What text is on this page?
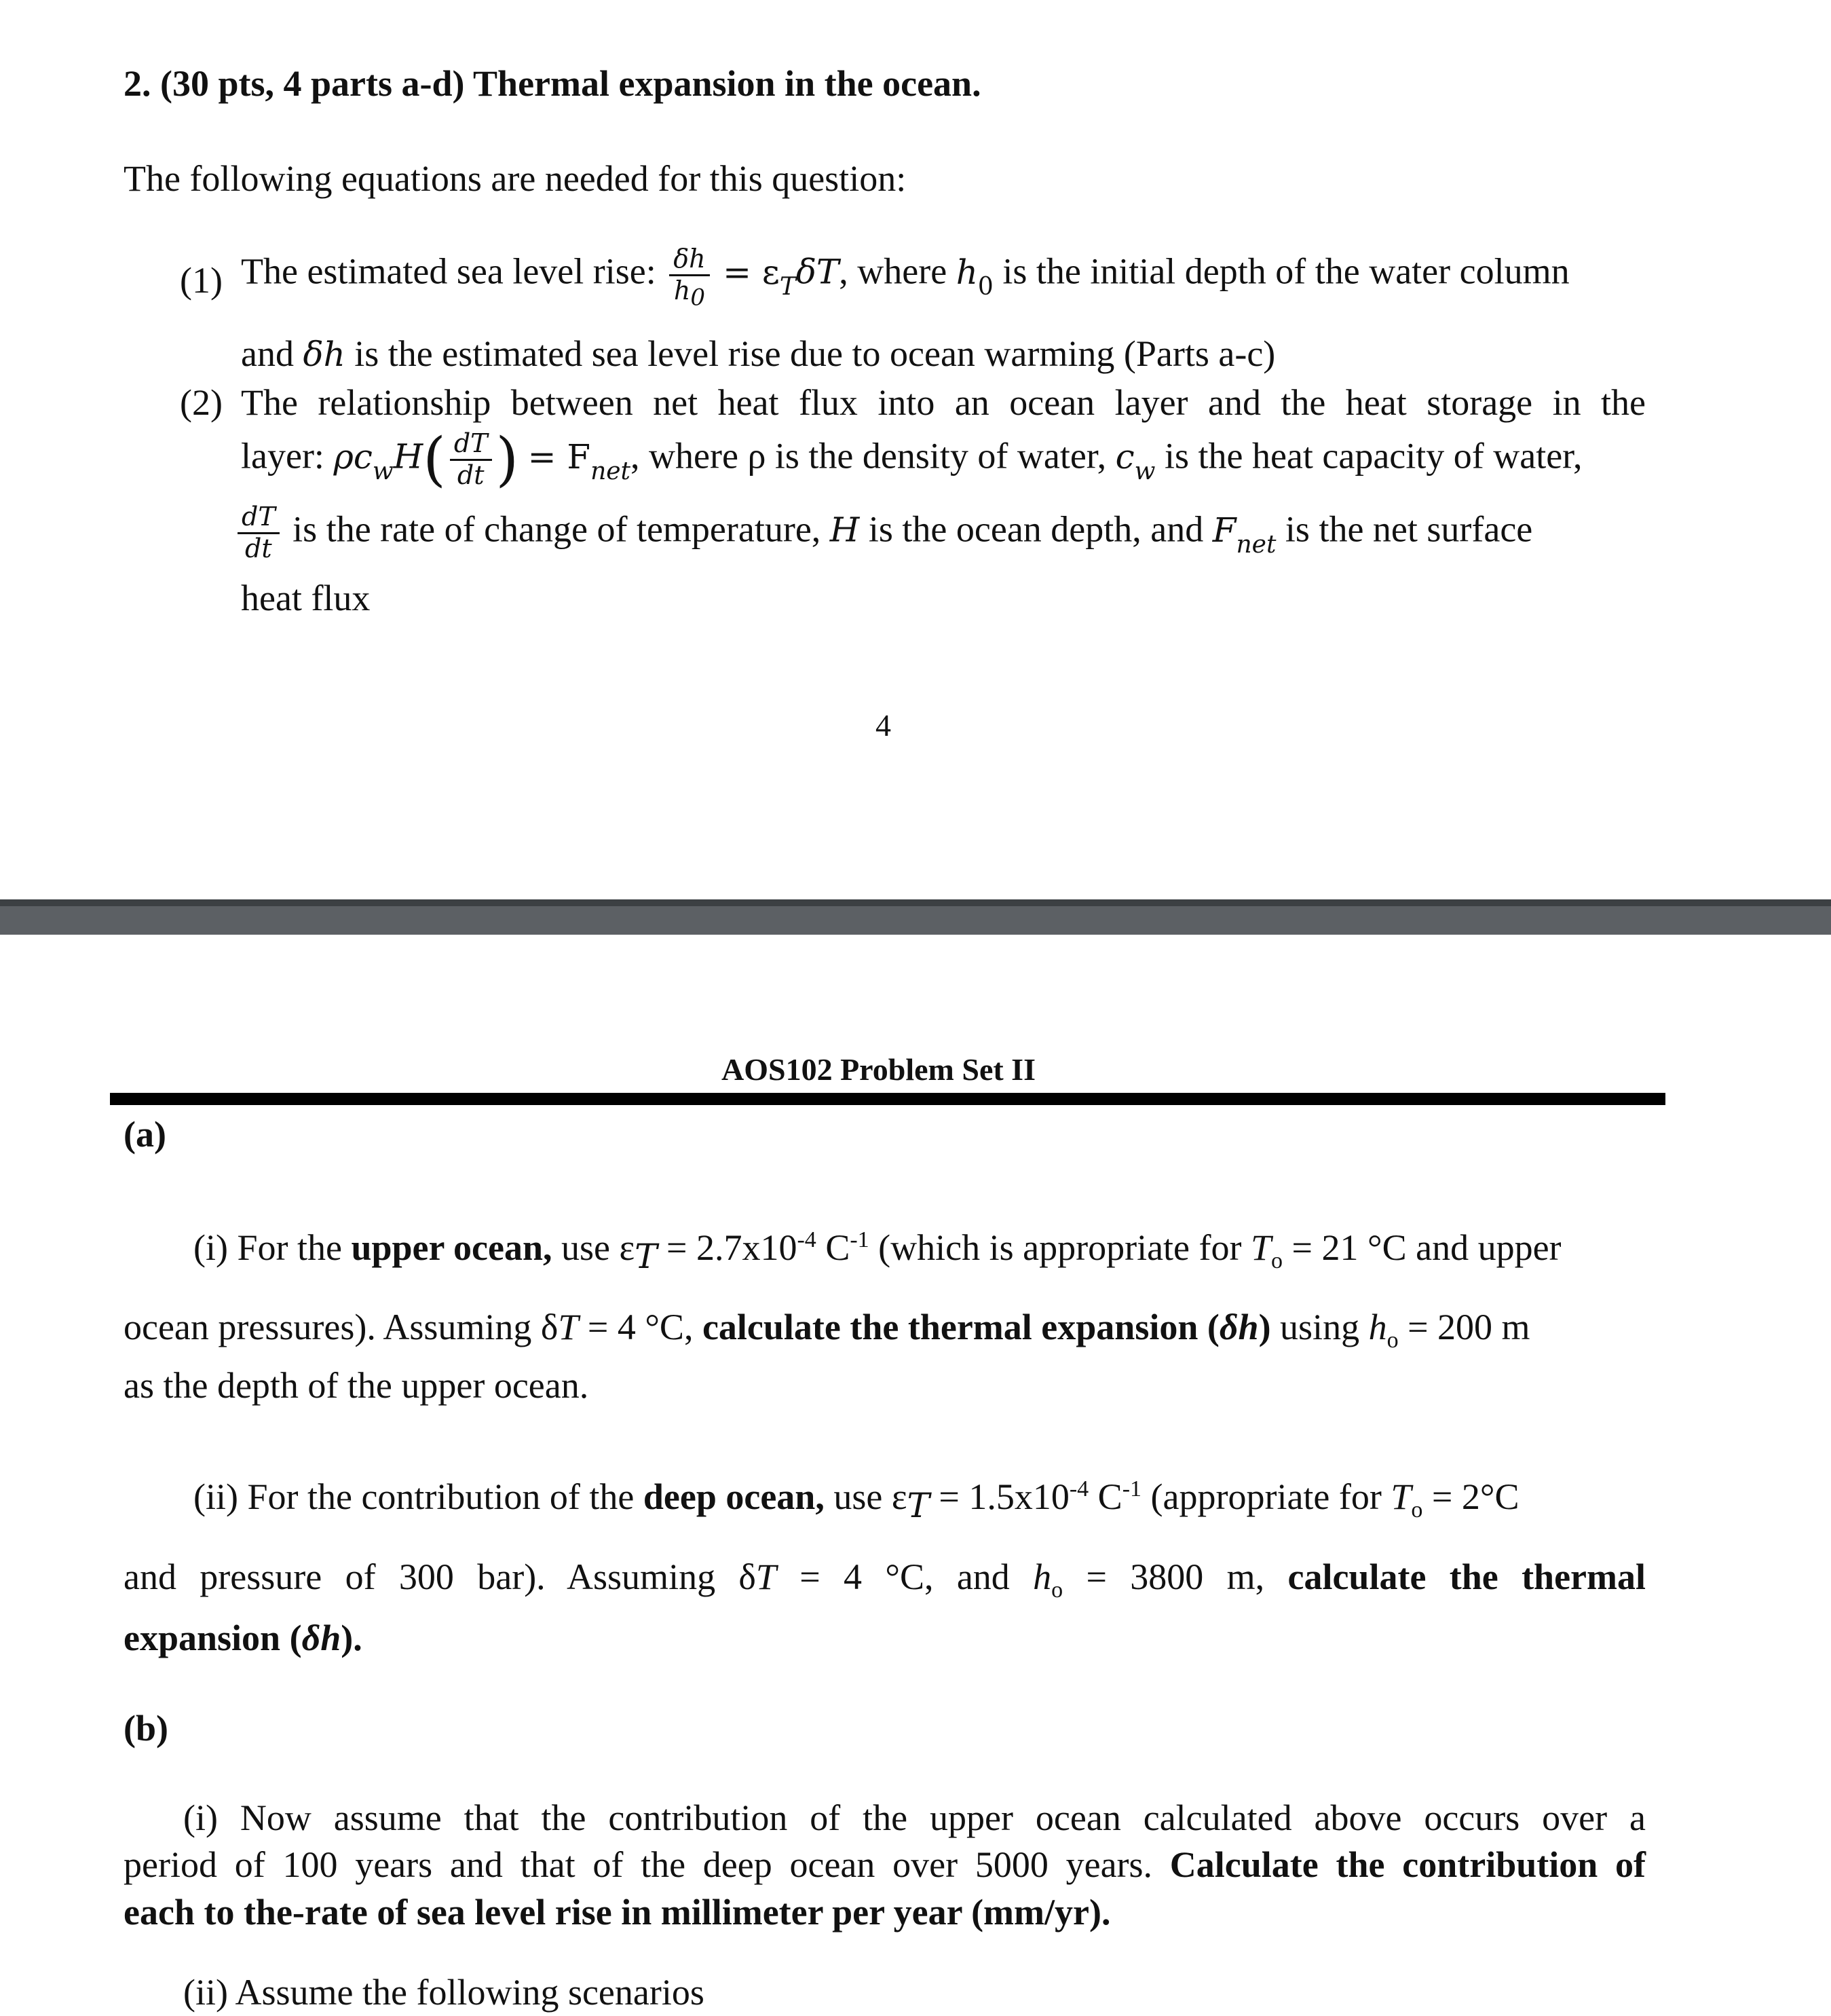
2. (30 pts, 4 parts a-d) Thermal expansion in the ocean.
The following equations are needed for this question:
(1) The estimated sea level rise: $\frac{\delta h}{h_0} = \varepsilon_T\delta T$, where $h_0$ is the initial depth of the water column
and δh is the estimated sea level rise due to ocean warming (Parts a-c)
(2) The relationship between net heat flux into an ocean layer and the heat storage in the
layer: $\rho c_wH( \frac{dT}{dt}$ ) = $F_{net}$, where ρ is the density of water, $c_w$ is the heat capacity of water,
$\frac{dT}{dt}$ is the rate of change of temperature, H is the ocean depth, and $F_{net}$ is the net surface
heat flux
4
AOS102 Problem Set II
(a)
(i) For the upper ocean, use $\varepsilon_T = 2.7x10^{-4}$ $C^{-1}$ (which is appropriate for $T_o = 21$ °C and upper
ocean pressures). Assuming δT = 4 °C, calculate the thermal expansion (δh) using $h_o = 200$ m
as the depth of the upper ocean.
(ii) For the contribution of the deep ocean, use $\varepsilon_T = 1.5x10^{-4}$ $C^{-1}$ (appropriate for $T_o = 2^\circ C$
and pressure of 300 bar). Assuming δT = 4 °C, and $h_o = 3800$ m, calculate the thermal
expansion (δh).
(b)
(i) Now assume that the contribution of the upper ocean calculated above occurs over a
period of 100 years and that of the deep ocean over 5000 years. Calculate the contribution of
each to the-rate of sea level rise in millimeter per year (mm/yr).
(ii) Assume the following scenarios
